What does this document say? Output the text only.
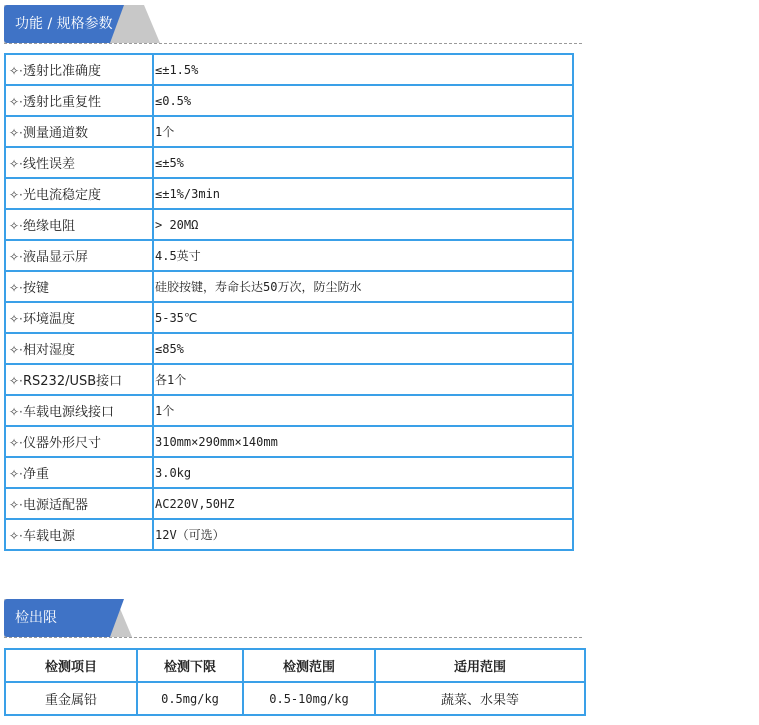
功能 / 规格参数
✧·透射比准确度	≤±1.5%
✧·透射比重复性	≤0.5%
✧·测量通道数	1个
✧·线性误差	≤±5%
✧·光电流稳定度	≤±1%/3min
✧·绝缘电阻	> 20MΩ
✧·液晶显示屏	4.5英寸
✧·按键	硅胶按键，寿命长达50万次，防尘防水
✧·环境温度	5-35℃
✧·相对湿度	≤85%
✧·RS232/USB接口	各1个
✧·车载电源线接口	1个
✧·仪器外形尺寸	310mm×290mm×140mm
✧·净重	3.0kg
✧·电源适配器	AC220V,50HZ
✧·车载电源	12V（可选）
检出限
检测项目	检测下限	检测范围	适用范围
重金属铅	0.5mg/kg	0.5-10mg/kg	蔬菜、水果等
